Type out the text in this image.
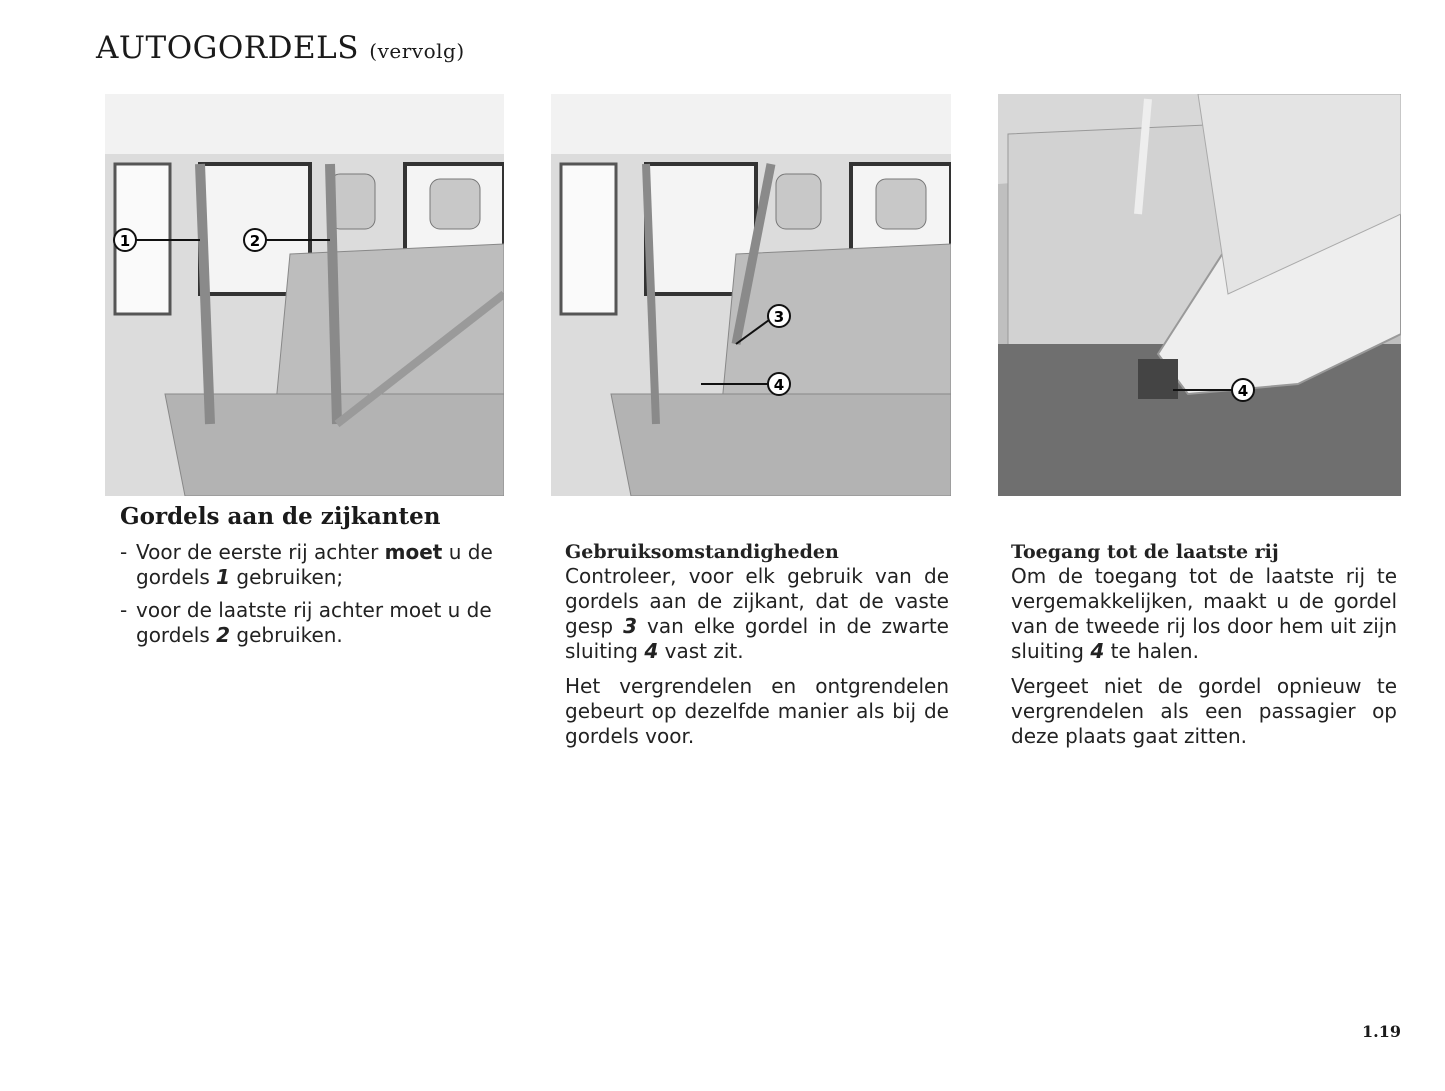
AUTOGORDELS (vervolg)
1	2
3
4	4
Gordels aan de zijkanten
- Voor de eerste rij achter moet u de gordels 1 gebruiken;
- voor de laatste rij achter moet u de gordels 2 gebruiken.
Gebruiksomstandigheden

Controleer, voor elk gebruik van de gordels aan de zijkant, dat de vaste gesp 3 van elke gordel in de zwarte sluiting 4 vast zit.

Het vergrendelen en ontgrendelen gebeurt op dezelfde manier als bij de gordels voor.

Toegang tot de laatste rij

Om de toegang tot de laatste rij te vergemakkelijken, maakt u de gordel van de tweede rij los door hem uit zijn sluiting 4 te halen.

Vergeet niet de gordel opnieuw te vergrendelen als een passagier op deze plaats gaat zitten.

1.19
